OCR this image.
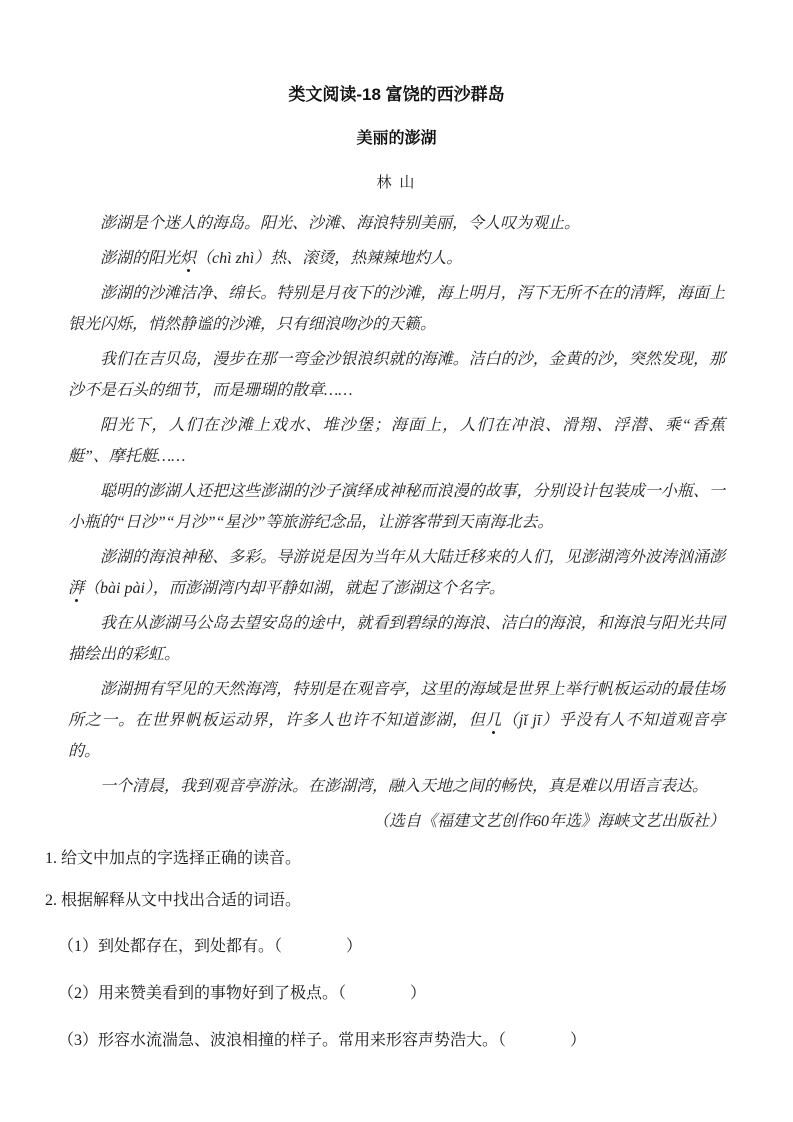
类文阅读-18 富饶的西沙群岛
美丽的澎湖
林 山

澎湖是个迷人的海岛。阳光、沙滩、海浪特别美丽，令人叹为观止。

澎湖的阳光炽（chì zhì）热、滚烫，热辣辣地灼人。

澎湖的沙滩洁净、绵长。特别是月夜下的沙滩，海上明月，泻下无所不在的清辉，海面上银光闪烁，悄然静谧的沙滩，只有细浪吻沙的天籁。

我们在吉贝岛，漫步在那一弯金沙银浪织就的海滩。洁白的沙，金黄的沙，突然发现，那沙不是石头的细节，而是珊瑚的散章……

阳光下，人们在沙滩上戏水、堆沙堡；海面上，人们在冲浪、滑翔、浮潜、乘“香蕉艇”、摩托艇……

聪明的澎湖人还把这些澎湖的沙子演绎成神秘而浪漫的故事，分别设计包装成一小瓶、一小瓶的“日沙”“月沙”“星沙”等旅游纪念品，让游客带到天南海北去。

澎湖的海浪神秘、多彩。导游说是因为当年从大陆迁移来的人们，见澎湖湾外波涛汹涌澎湃（bài pài），而澎湖湾内却平静如湖，就起了澎湖这个名字。

我在从澎湖马公岛去望安岛的途中，就看到碧绿的海浪、洁白的海浪，和海浪与阳光共同描绘出的彩虹。

澎湖拥有罕见的天然海湾，特别是在观音亭，这里的海域是世界上举行帆板运动的最佳场所之一。在世界帆板运动界，许多人也许不知道澎湖，但几（jǐ jī）乎没有人不知道观音亭的。

一个清晨，我到观音亭游泳。在澎湖湾，融入天地之间的畅快，真是难以用语言表达。

（选自《福建文艺创作60年选》海峡文艺出版社）
1. 给文中加点的字选择正确的读音。
2. 根据解释从文中找出合适的词语。
（1）到处都存在，到处都有。（　　　　）
（2）用来赞美看到的事物好到了极点。（　　　　）
（3）形容水流湍急、波浪相撞的样子。常用来形容声势浩大。（　　　　）
